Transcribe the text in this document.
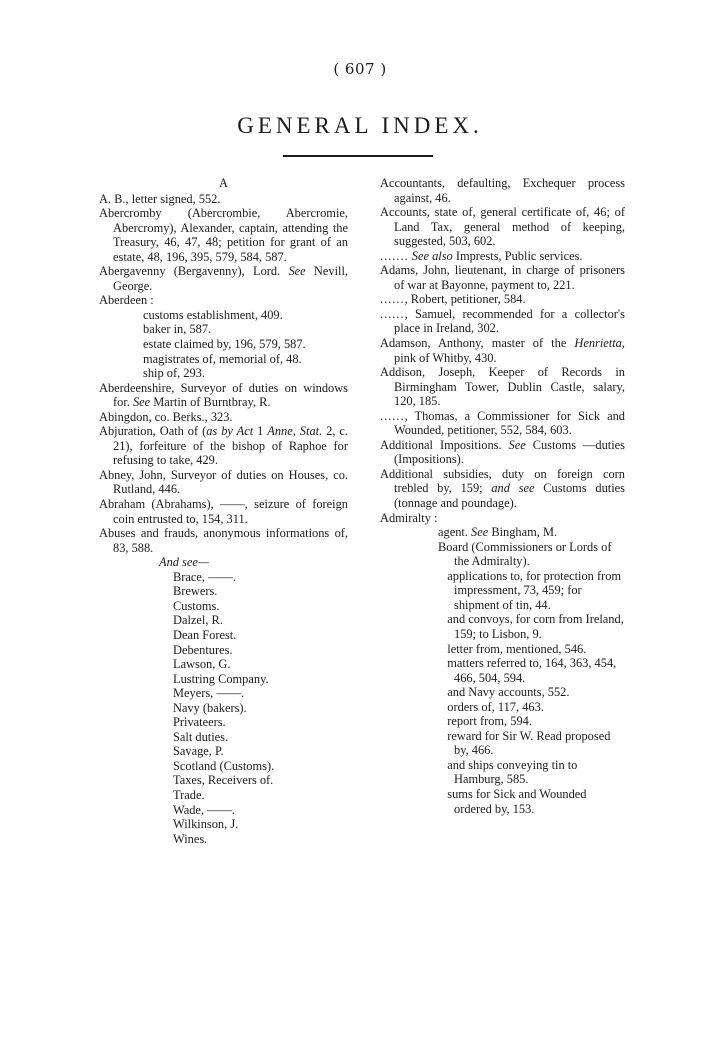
( 607 )
GENERAL INDEX.
A
A. B., letter signed, 552.
Abercromby (Abercrombie, Abercromie, Abercromy), Alexander, captain, attending the Treasury, 46, 47, 48; petition for grant of an estate, 48, 196, 395, 579, 584, 587.
Abergavenny (Bergavenny), Lord. See Nevill, George.
Aberdeen :
customs establishment, 409.
baker in, 587.
estate claimed by, 196, 579, 587.
magistrates of, memorial of, 48.
ship of, 293.
Aberdeenshire, Surveyor of duties on windows for. See Martin of Burntbray, R.
Abingdon, co. Berks., 323.
Abjuration, Oath of (as by Act 1 Anne, Stat. 2, c. 21), forfeiture of the bishop of Raphoe for refusing to take, 429.
Abney, John, Surveyor of duties on Houses, co. Rutland, 446.
Abraham (Abrahams), ——, seizure of foreign coin entrusted to, 154, 311.
Abuses and frauds, anonymous informations of, 83, 588.
And see—
Brace, ——.
Brewers.
Customs.
Dalzel, R.
Dean Forest.
Debentures.
Lawson, G.
Lustring Company.
Meyers, ——.
Navy (bakers).
Privateers.
Salt duties.
Savage, P.
Scotland (Customs).
Taxes, Receivers of.
Trade.
Wade, ——.
Wilkinson, J.
Wines.
Accountants, defaulting, Exchequer process against, 46.
Accounts, state of, general certificate of, 46; of Land Tax, general method of keeping, suggested, 503, 602.
....... See also Imprests, Public services.
Adams, John, lieutenant, in charge of prisoners of war at Bayonne, payment to, 221.
......, Robert, petitioner, 584.
......, Samuel, recommended for a collector's place in Ireland, 302.
Adamson, Anthony, master of the Henrietta, pink of Whitby, 430.
Addison, Joseph, Keeper of Records in Birmingham Tower, Dublin Castle, salary, 120, 185.
......, Thomas, a Commissioner for Sick and Wounded, petitioner, 552, 584, 603.
Additional Impositions. See Customs —duties (Impositions).
Additional subsidies, duty on foreign corn trebled by, 159; and see Customs duties (tonnage and poundage).
Admiralty :
agent. See Bingham, M.
Board (Commissioners or Lords of the Admiralty).
applications to, for protection from impressment, 73, 459; for shipment of tin, 44.
and convoys, for corn from Ireland, 159; to Lisbon, 9.
letter from, mentioned, 546.
matters referred to, 164, 363, 454, 466, 504, 594.
and Navy accounts, 552.
orders of, 117, 463.
report from, 594.
reward for Sir W. Read proposed by, 466.
and ships conveying tin to Hamburg, 585.
sums for Sick and Wounded ordered by, 153.
